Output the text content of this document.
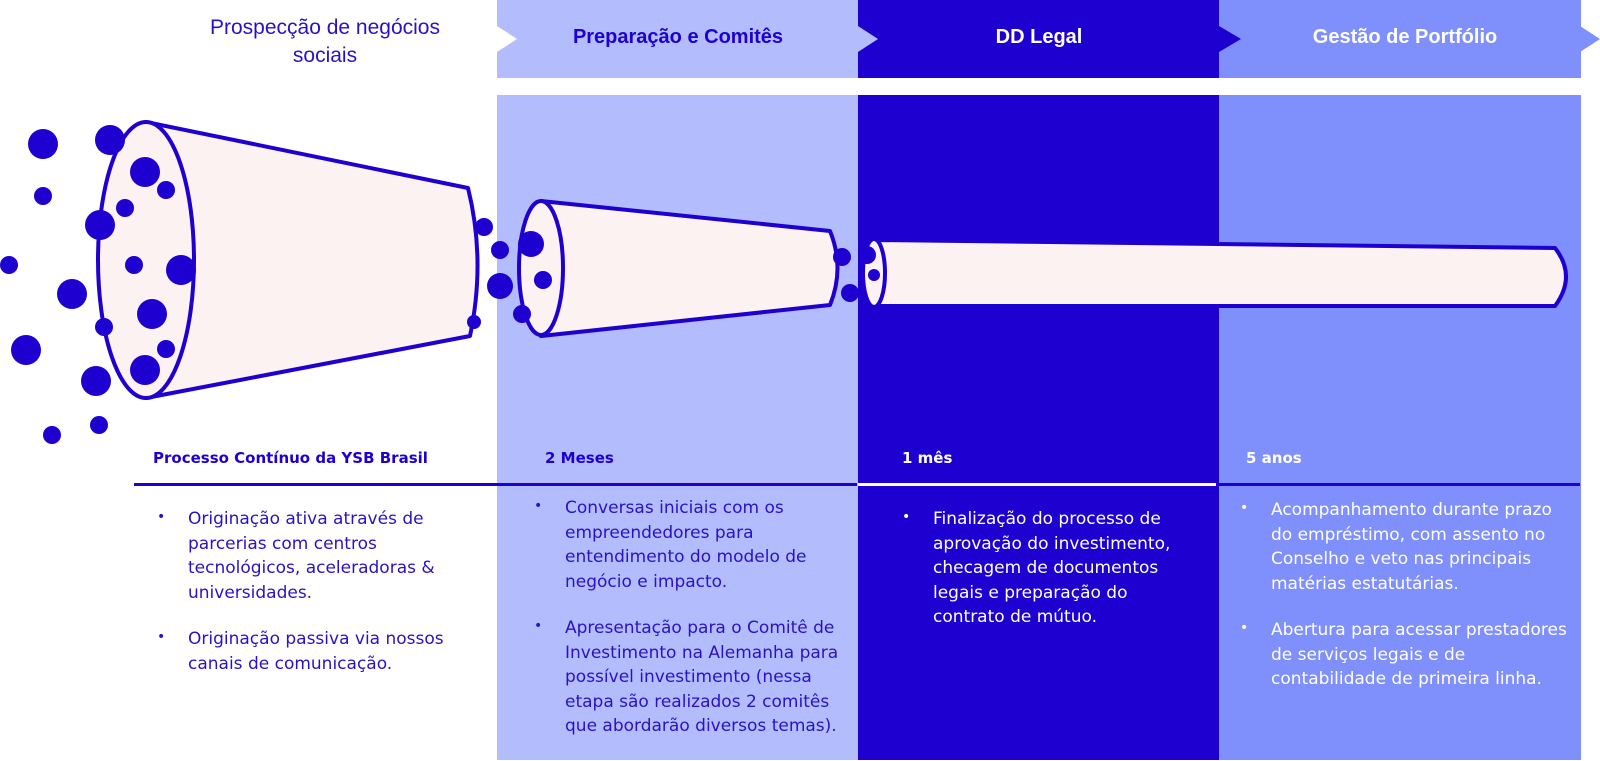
Prospecção de negócios sociais
Preparação e Comitês	DD Legal	Gestão de Portfólio
Processo Contínuo da YSB Brasil	2 Meses	1 mês	5 anos
• Originação ativa através de parcerias com centros tecnológicos, aceleradoras & universidades.
• Originação passiva via nossos canais de comunicação.
• Conversas iniciais com os empreendedores para entendimento do modelo de negócio e impacto.
• Apresentação para o Comitê de Investimento na Alemanha para possível investimento (nessa etapa são realizados 2 comitês que abordarão diversos temas).
• Finalização do processo de aprovação do investimento, checagem de documentos legais e preparação do contrato de mútuo.
• Acompanhamento durante prazo do empréstimo, com assento no Conselho e veto nas principais matérias estatutárias.
• Abertura para acessar prestadores de serviços legais e de contabilidade de primeira linha.
